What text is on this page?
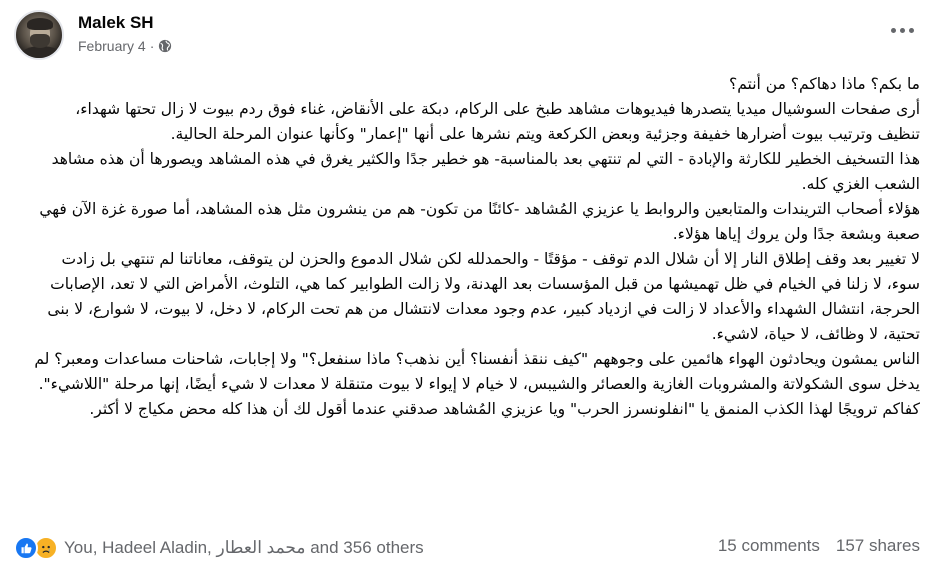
Malek SH
February 4 ·

ما بكم؟ ماذا دهاكم؟ من أنتم؟

أرى صفحات السوشيال ميديا يتصدرها فيديوهات مشاهد طبخ على الركام، دبكة على الأنقاض، غناء فوق ردم بيوت لا زال تحتها شهداء، تنظيف وترتيب بيوت أضرارها خفيفة وجزئية وبعض الكركعة ويتم نشرها على أنها "إعمار" وكأنها عنوان المرحلة الحالية.

هذا التسخيف الخطير للكارثة والإبادة - التي لم تنتهي بعد بالمناسبة- هو خطير جدًا والكثير يغرق في هذه المشاهد ويصورها أن هذه مشاهد الشعب الغزي كله.

هؤلاء أصحاب التريندات والمتابعين والروابط يا عزيزي المُشاهد -كائنًا من تكون- هم من ينشرون مثل هذه المشاهد، أما صورة غزة الآن فهي صعبة وبشعة جدًا ولن يروك إياها هؤلاء.

لا تغيير بعد وقف إطلاق النار إلا أن شلال الدم توقف - مؤقتًا - والحمدلله لكن شلال الدموع والحزن لن يتوقف، معاناتنا لم تنتهي بل زادت سوء، لا زلنا في الخيام في ظل تهميشها من قبل المؤسسات بعد الهدنة، ولا زالت الطوابير كما هي، التلوث، الأمراض التي لا تعد، الإصابات الحرجة، انتشال الشهداء والأعداد لا زالت في ازدياد كبير، عدم وجود معدات لانتشال من هم تحت الركام، لا دخل، لا بيوت، لا شوارع، لا بنى تحتية، لا وظائف، لا حياة، لاشيء.

الناس يمشون ويحادثون الهواء هائمين على وجوههم "كيف ننقذ أنفسنا؟ أين نذهب؟ ماذا سنفعل؟" ولا إجابات، شاحنات مساعدات ومعبر؟ لم يدخل سوى الشكولاتة والمشروبات الغازية والعصائر والشيبس، لا خيام لا إيواء لا بيوت متنقلة لا معدات لا شيء أيضًا، إنها مرحلة "اللاشيء".

كفاكم ترويجًا لهذا الكذب المنمق يا "انفلونسرز الحرب" ويا عزيزي المُشاهد صدقني عندما أقول لك أن هذا كله محض مكياج لا أكثر.

You, Hadeel Aladin, محمد العطار and 356 others	15 comments 157 shares
